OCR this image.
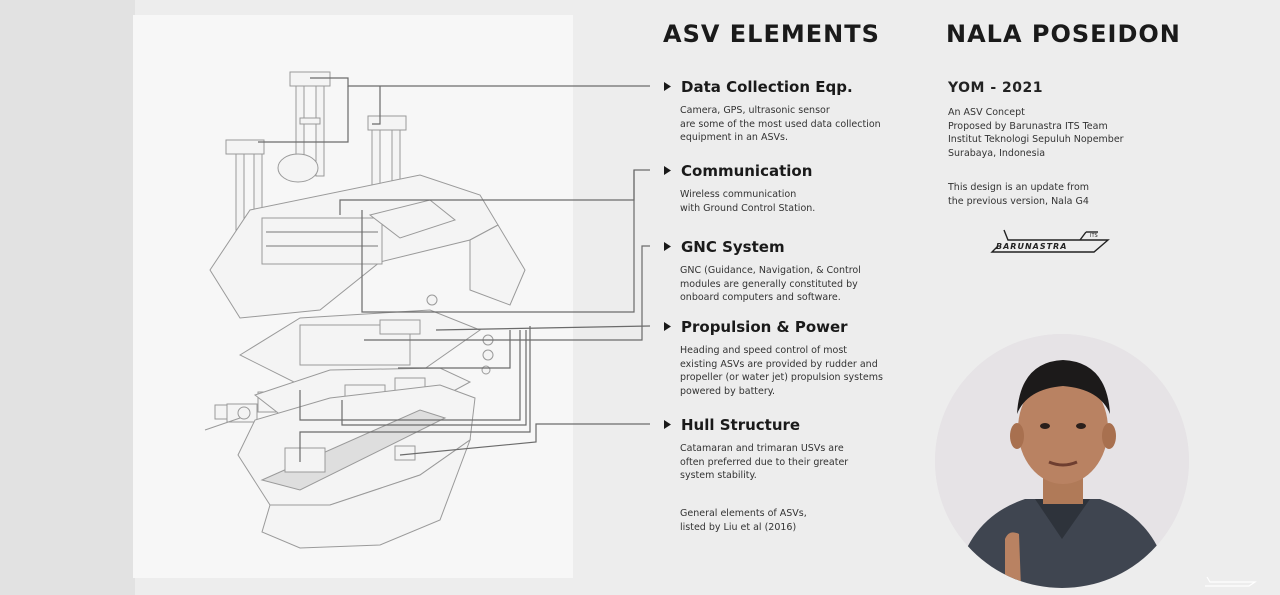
ASV ELEMENTS	NALA POSEIDON
Data Collection Eqp.
Camera, GPS, ultrasonic sensor
are some of the most used data collection
equipment in an ASVs.
Communication
Wireless communication
with Ground Control Station.
GNC System
GNC (Guidance, Navigation, & Control
modules are generally constituted by
onboard computers and software.
Propulsion & Power
Heading and speed control of most
existing ASVs are provided by rudder and
propeller (or water jet) propulsion systems
powered by battery.
Hull Structure
Catamaran and trimaran USVs are
often preferred due to their greater
system stability.
General elements of ASVs,
listed by Liu et al (2016)
YOM - 2021
An ASV Concept
Proposed by Barunastra ITS Team
Institut Teknologi Sepuluh Nopember
Surabaya, Indonesia
This design is an update from
the previous version, Nala G4
BARUNASTRA
ITS
